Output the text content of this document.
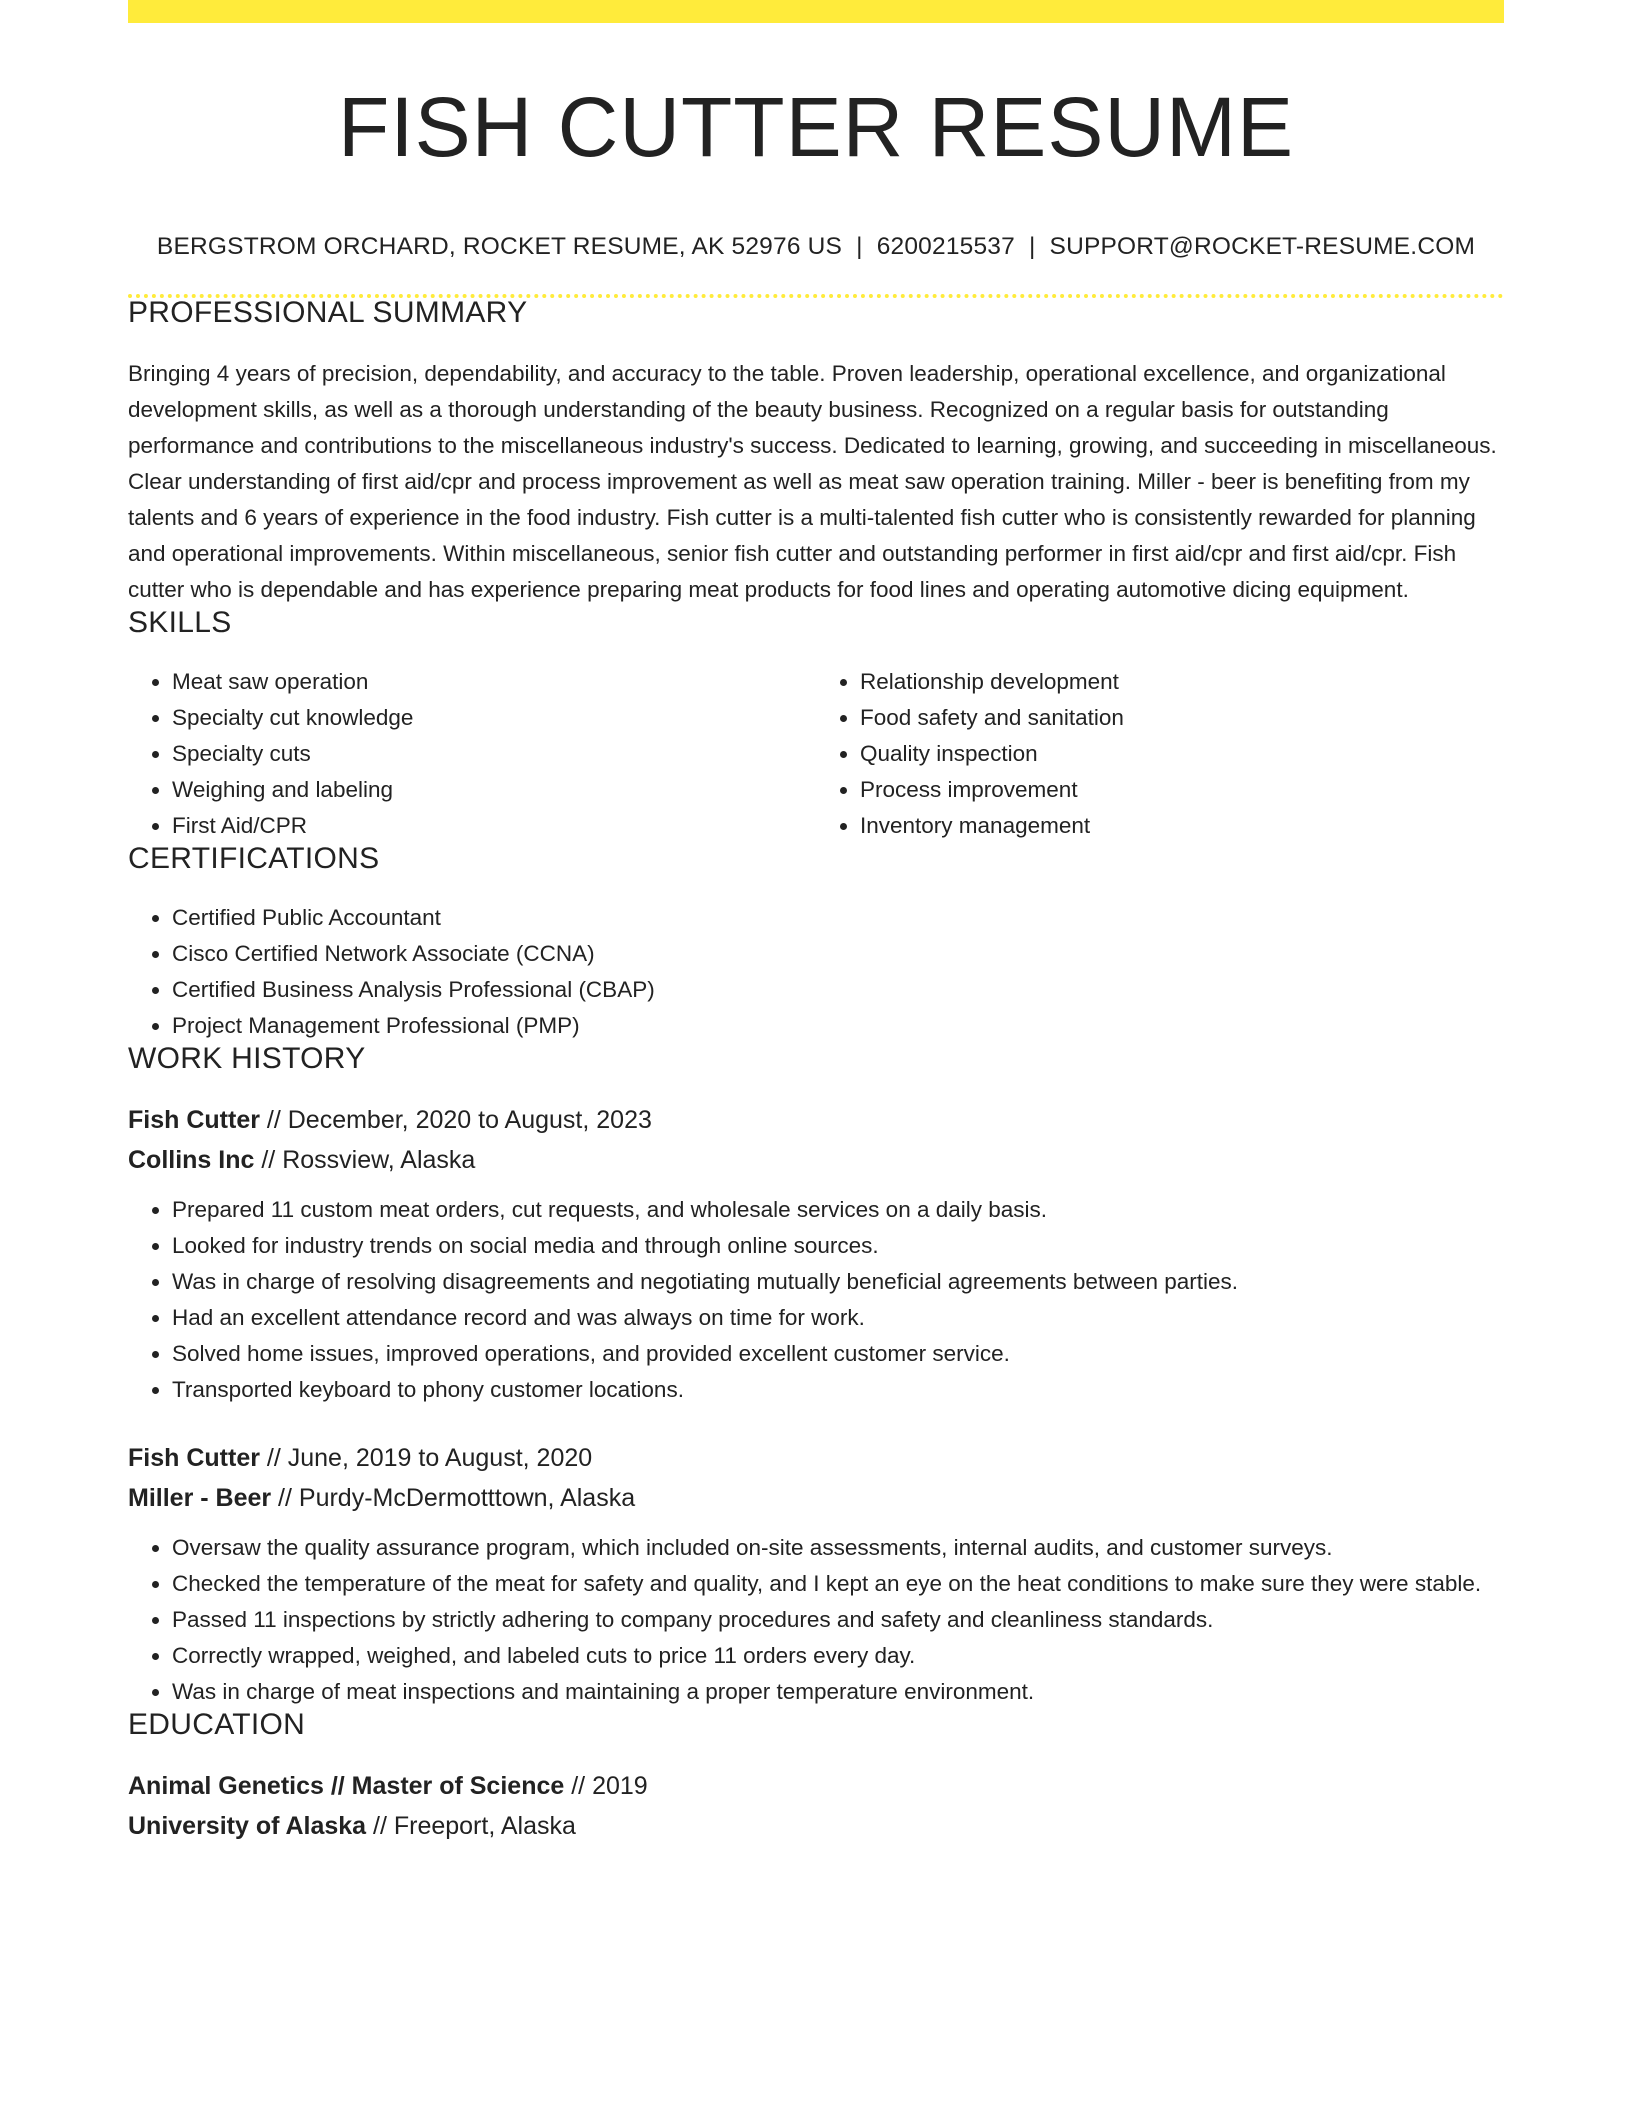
FISH CUTTER RESUME
BERGSTROM ORCHARD, ROCKET RESUME, AK 52976 US | 6200215537 | SUPPORT@ROCKET-RESUME.COM
PROFESSIONAL SUMMARY
Bringing 4 years of precision, dependability, and accuracy to the table. Proven leadership, operational excellence, and organizational development skills, as well as a thorough understanding of the beauty business. Recognized on a regular basis for outstanding performance and contributions to the miscellaneous industry's success. Dedicated to learning, growing, and succeeding in miscellaneous. Clear understanding of first aid/cpr and process improvement as well as meat saw operation training. Miller - beer is benefiting from my talents and 6 years of experience in the food industry. Fish cutter is a multi-talented fish cutter who is consistently rewarded for planning and operational improvements. Within miscellaneous, senior fish cutter and outstanding performer in first aid/cpr and first aid/cpr. Fish cutter who is dependable and has experience preparing meat products for food lines and operating automotive dicing equipment.
SKILLS
• Meat saw operation
• Specialty cut knowledge
• Specialty cuts
• Weighing and labeling
• First Aid/CPR
• Relationship development
• Food safety and sanitation
• Quality inspection
• Process improvement
• Inventory management
CERTIFICATIONS
• Certified Public Accountant
• Cisco Certified Network Associate (CCNA)
• Certified Business Analysis Professional (CBAP)
• Project Management Professional (PMP)
WORK HISTORY
Fish Cutter // December, 2020 to August, 2023
Collins Inc // Rossview, Alaska
• Prepared 11 custom meat orders, cut requests, and wholesale services on a daily basis.
• Looked for industry trends on social media and through online sources.
• Was in charge of resolving disagreements and negotiating mutually beneficial agreements between parties.
• Had an excellent attendance record and was always on time for work.
• Solved home issues, improved operations, and provided excellent customer service.
• Transported keyboard to phony customer locations.
Fish Cutter // June, 2019 to August, 2020
Miller - Beer // Purdy-McDermotttown, Alaska
• Oversaw the quality assurance program, which included on-site assessments, internal audits, and customer surveys.
• Checked the temperature of the meat for safety and quality, and I kept an eye on the heat conditions to make sure they were stable.
• Passed 11 inspections by strictly adhering to company procedures and safety and cleanliness standards.
• Correctly wrapped, weighed, and labeled cuts to price 11 orders every day.
• Was in charge of meat inspections and maintaining a proper temperature environment.
EDUCATION
Animal Genetics // Master of Science // 2019
University of Alaska // Freeport, Alaska
